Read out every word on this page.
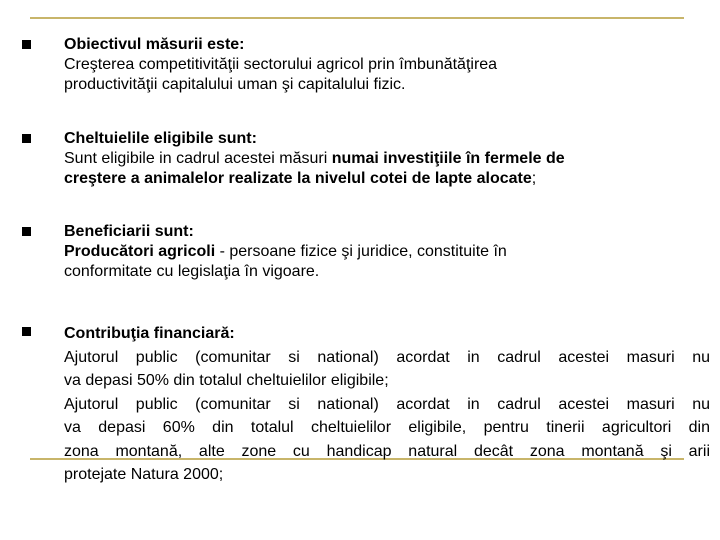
Obiectivul măsurii este:
Creşterea competitivităţii sectorului agricol prin îmbunătăţirea
productivităţii capitalului uman şi capitalului fizic.
Cheltuielile eligibile sunt:
Sunt eligibile in cadrul acestei măsuri numai investiţiile în fermele de
creştere a animalelor realizate la nivelul cotei de lapte alocate;
Beneficiarii sunt:
Producători agricoli - persoane fizice şi juridice, constituite în
conformitate cu legislaţia în vigoare.
Contribuţia financiară:
Ajutorul public (comunitar si national) acordat in cadrul acestei masuri nu
va depasi 50% din totalul cheltuielilor eligibile;
Ajutorul public (comunitar si national) acordat in cadrul acestei masuri nu
va depasi 60% din totalul cheltuielilor eligibile, pentru tinerii agricultori din
zona montană, alte zone cu handicap natural decât zona montană şi arii
protejate Natura 2000;
